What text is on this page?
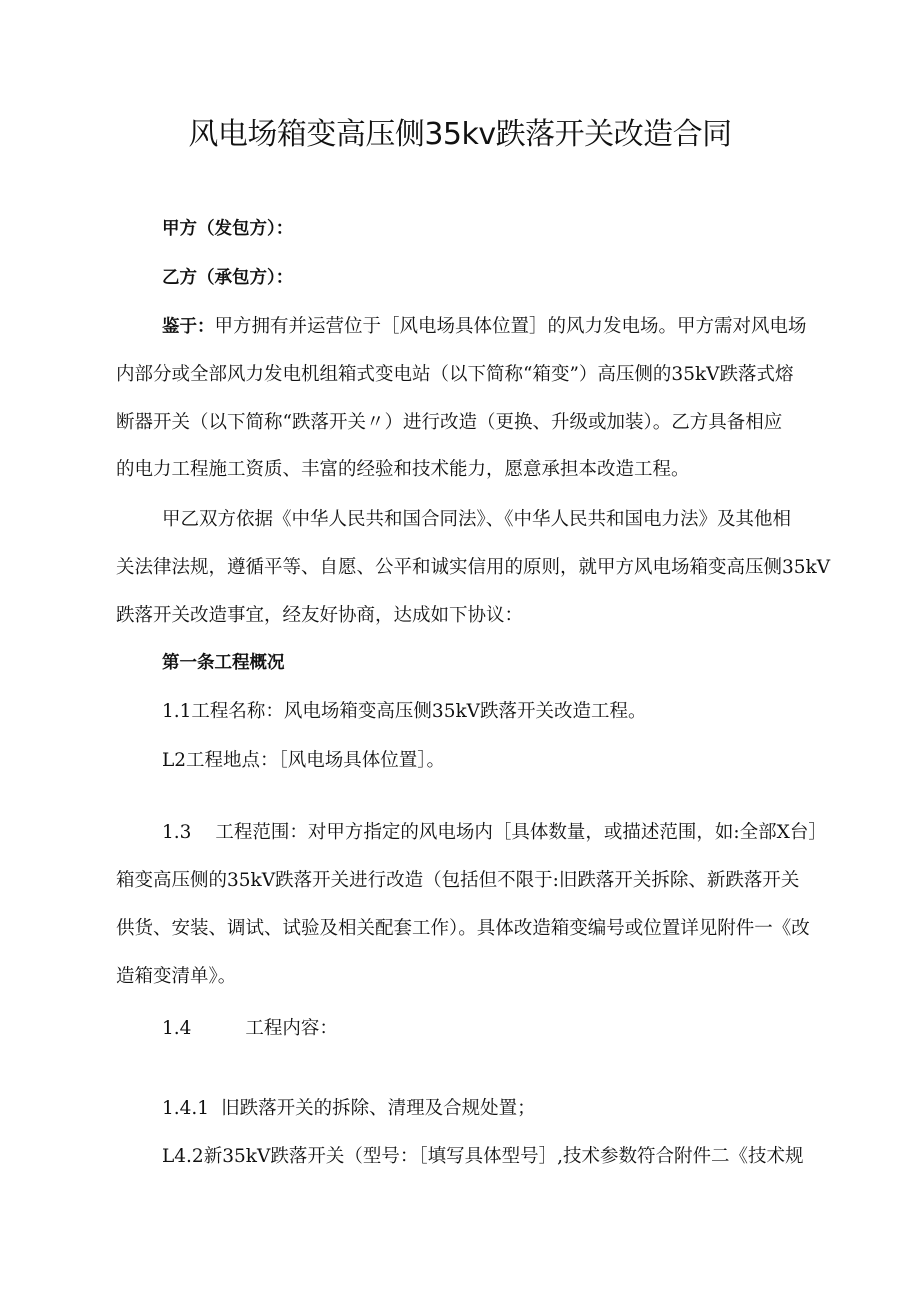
风电场箱变高压侧35kv跌落开关改造合同
甲方（发包方）：
乙方（承包方）：
鉴于：甲方拥有并运营位于［风电场具体位置］的风力发电场。甲方需对风电场
内部分或全部风力发电机组箱式变电站（以下简称“箱变”）高压侧的35kV跌落式熔
断器开关（以下简称“跌落开关〃）进行改造（更换、升级或加装）。乙方具备相应
的电力工程施工资质、丰富的经验和技术能力，愿意承担本改造工程。
甲乙双方依据《中华人民共和国合同法》、《中华人民共和国电力法》及其他相
关法律法规，遵循平等、自愿、公平和诚实信用的原则，就甲方风电场箱变高压侧35kV
跌落开关改造事宜，经友好协商，达成如下协议：
第一条工程概况
1.1工程名称：风电场箱变高压侧35kV跌落开关改造工程。
L2工程地点：［风电场具体位置］。
1.3 工程范围：对甲方指定的风电场内［具体数量，或描述范围，如:全部X台］
箱变高压侧的35kV跌落开关进行改造（包括但不限于:旧跌落开关拆除、新跌落开关
供货、安装、调试、试验及相关配套工作）。具体改造箱变编号或位置详见附件一《改
造箱变清单》。
1.4	工程内容：
1.4.1 旧跌落开关的拆除、清理及合规处置；
L4.2新35kV跌落开关（型号：［填写具体型号］,技术参数符合附件二《技术规
